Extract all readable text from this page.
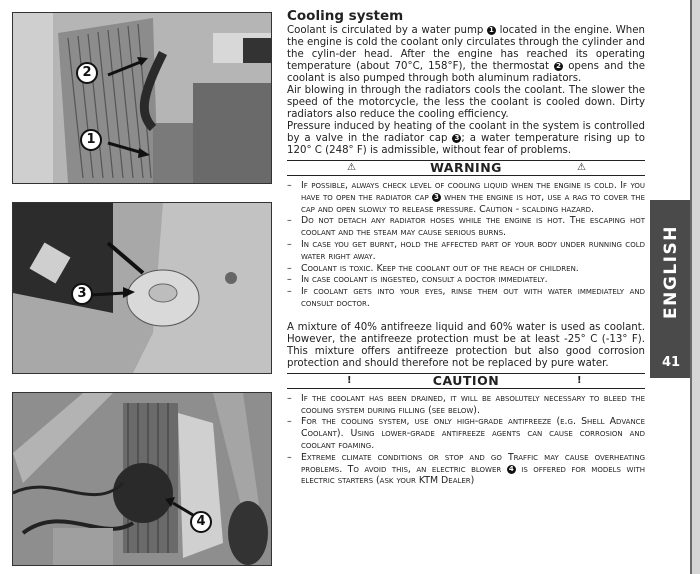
2
1
3
4
Cooling system

Coolant is circulated by a water pump 1 located in the engine. When the engine is cold the coolant only circulates through the cylinder and the cylin-der head. After the engine has reached its operating temperature (about 70°C, 158°F), the thermostat 2 opens and the coolant is also pumped through both aluminum radiators.

Air blowing in through the radiators cools the coolant. The slower the speed of the motorcycle, the less the coolant is cooled down. Dirty radiators also reduce the cooling efficiency.

Pressure induced by heating of the coolant in the system is controlled by a valve in the radiator cap 3 ; a water temperature rising up to 120° C (248° F) is admissible, without fear of problems.

⚠	WARNING	⚠
– If possible, always check level of cooling liquid when the engine is cold. If you have to open the radiator cap 3 when the engine is hot, use a rag to cover the cap and open slowly to release pressure. Caution - scalding hazard.
– Do not detach any radiator hoses while the engine is hot. The escaping hot coolant and the steam may cause serious burns.
– In case you get burnt, hold the affected part of your body under running cold water right away.
– Coolant is toxic. Keep the coolant out of the reach of children.
– In case coolant is ingested, consult a doctor immediately.
– If coolant gets into your eyes, rinse them out with water immediately and consult doctor.

A mixture of 40% antifreeze liquid and 60% water is used as coolant. However, the antifreeze protection must be at least -25° C (-13° F). This mixture offers antifreeze protection but also good corrosion protection and should therefore not be replaced by pure water.

!	CAUTION	!
– If the coolant has been drained, it will be absolutely necessary to bleed the cooling system during filling (see below).
– For the cooling system, use only high-grade antifreeze (e.g. Shell Advance Coolant). Using lower-grade antifreeze agents can cause corrosion and coolant foaming.
– Extreme climate conditions or stop and go Traffic may cause overheating problems. To avoid this, an electric blower 4 is offered for models with electric starters (ask your KTM Dealer)
ENGLISH
41
